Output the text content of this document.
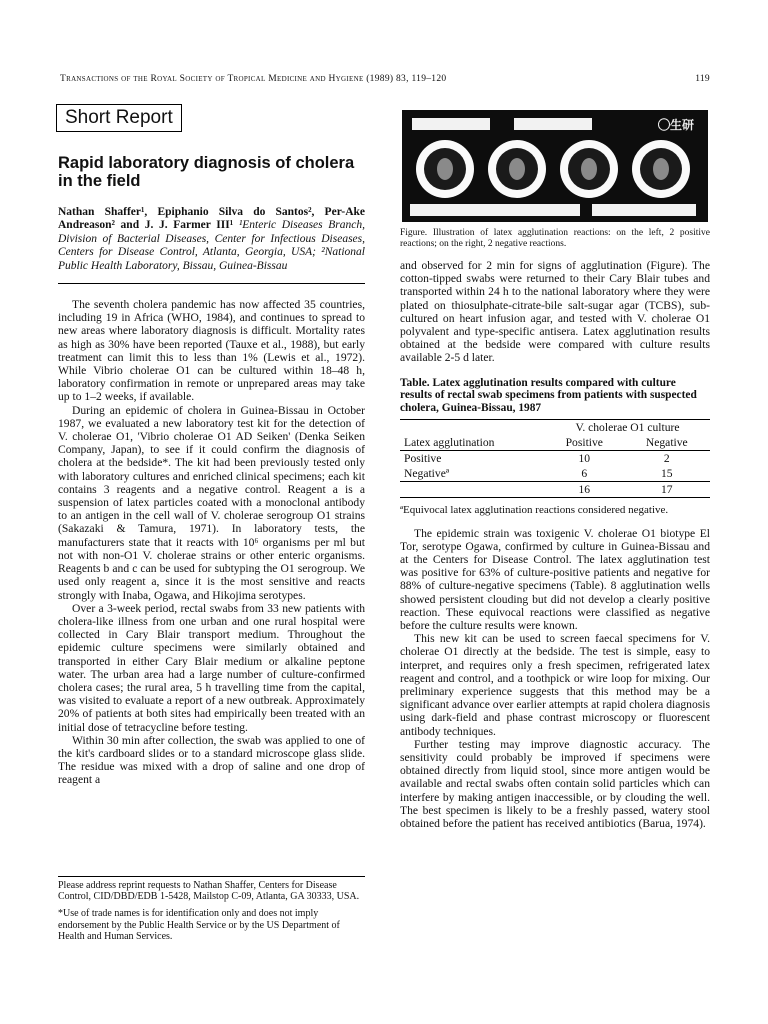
Transactions of the Royal Society of Tropical Medicine and Hygiene (1989) 83, 119–120	119
Short Report
Rapid laboratory diagnosis of cholera in the field

Nathan Shaffer¹, Epiphanio Silva do Santos², Per-Ake Andreason² and J. J. Farmer III¹ ¹Enteric Diseases Branch, Division of Bacterial Diseases, Center for Infectious Diseases, Centers for Disease Control, Atlanta, Georgia, USA; ²National Public Health Laboratory, Bissau, Guinea-Bissau

The seventh cholera pandemic has now affected 35 countries, including 19 in Africa (WHO, 1984), and continues to spread to new areas where laboratory diagnosis is difficult. Mortality rates as high as 30% have been reported (Tauxe et al., 1988), but early treatment can limit this to less than 1% (Lewis et al., 1972). While Vibrio cholerae O1 can be cultured within 18–48 h, laboratory confirmation in remote or unprepared areas may take up to 1–2 weeks, if available.

During an epidemic of cholera in Guinea-Bissau in October 1987, we evaluated a new laboratory test kit for the detection of V. cholerae O1, 'Vibrio cholerae O1 AD Seiken' (Denka Seiken Company, Japan), to see if it could confirm the diagnosis of cholera at the bedside*. The kit had been previously tested only with laboratory cultures and enriched clinical specimens; each kit contains 3 reagents and a negative control. Reagent a is a suspension of latex particles coated with a monoclonal antibody to an antigen in the cell wall of V. cholerae serogroup O1 strains (Sakazaki & Tamura, 1971). In laboratory tests, the manufacturers state that it reacts with 10⁶ organisms per ml but not with non-O1 V. cholerae strains or other enteric organisms. Reagents b and c can be used for subtyping the O1 serogroup. We used only reagent a, since it is the most sensitive and reacts strongly with Inaba, Ogawa, and Hikojima serotypes.

Over a 3-week period, rectal swabs from 33 new patients with cholera-like illness from one urban and one rural hospital were collected in Cary Blair transport medium. Throughout the epidemic culture specimens were similarly obtained and transported in either Cary Blair medium or alkaline peptone water. The urban area had a large number of culture-confirmed cholera cases; the rural area, 5 h travelling time from the capital, was visited to evaluate a report of a new outbreak. Approximately 20% of patients at both sites had empirically been treated with an initial dose of tetracycline before testing.

Within 30 min after collection, the swab was applied to one of the kit's cardboard slides or to a standard microscope glass slide. The residue was mixed with a drop of saline and one drop of reagent a

Please address reprint requests to Nathan Shaffer, Centers for Disease Control, CID/DBD/EDB 1-5428, Mailstop C-09, Atlanta, GA 30333, USA.

*Use of trade names is for identification only and does not imply endorsement by the Public Health Service or by the US Department of Health and Human Services.

◯生研

Figure. Illustration of latex agglutination reactions: on the left, 2 positive reactions; on the right, 2 negative reactions.

and observed for 2 min for signs of agglutination (Figure). The cotton-tipped swabs were returned to their Cary Blair tubes and transported within 24 h to the national laboratory where they were plated on thiosulphate-citrate-bile salt-sugar agar (TCBS), sub-cultured on heart infusion agar, and tested with V. cholerae O1 polyvalent and type-specific antisera. Latex agglutination results obtained at the bedside were compared with culture results available 2-5 d later.

Table. Latex agglutination results compared with culture results of rectal swab specimens from patients with suspected cholera, Guinea-Bissau, 1987
	V. cholerae O1 culture	
Latex agglutination	Positive	Negative
Positive	10	2
Negativeª	6	15
	16	17

ªEquivocal latex agglutination reactions considered negative.

The epidemic strain was toxigenic V. cholerae O1 biotype El Tor, serotype Ogawa, confirmed by culture in Guinea-Bissau and at the Centers for Disease Control. The latex agglutination test was positive for 63% of culture-positive patients and negative for 88% of culture-negative specimens (Table). 8 agglutination wells showed persistent clouding but did not develop a clearly positive reaction. These equivocal reactions were classified as negative before the culture results were known.

This new kit can be used to screen faecal specimens for V. cholerae O1 directly at the bedside. The test is simple, easy to interpret, and requires only a fresh specimen, refrigerated latex reagent and control, and a toothpick or wire loop for mixing. Our preliminary experience suggests that this method may be a significant advance over earlier attempts at rapid cholera diagnosis using dark-field and phase contrast microscopy or fluorescent antibody techniques.

Further testing may improve diagnostic accuracy. The sensitivity could probably be improved if specimens were obtained directly from liquid stool, since more antigen would be available and rectal swabs often contain solid particles which can interfere by making antigen inaccessible, or by clouding the well. The best specimen is likely to be a freshly passed, watery stool obtained before the patient has received antibiotics (Barua, 1974).
